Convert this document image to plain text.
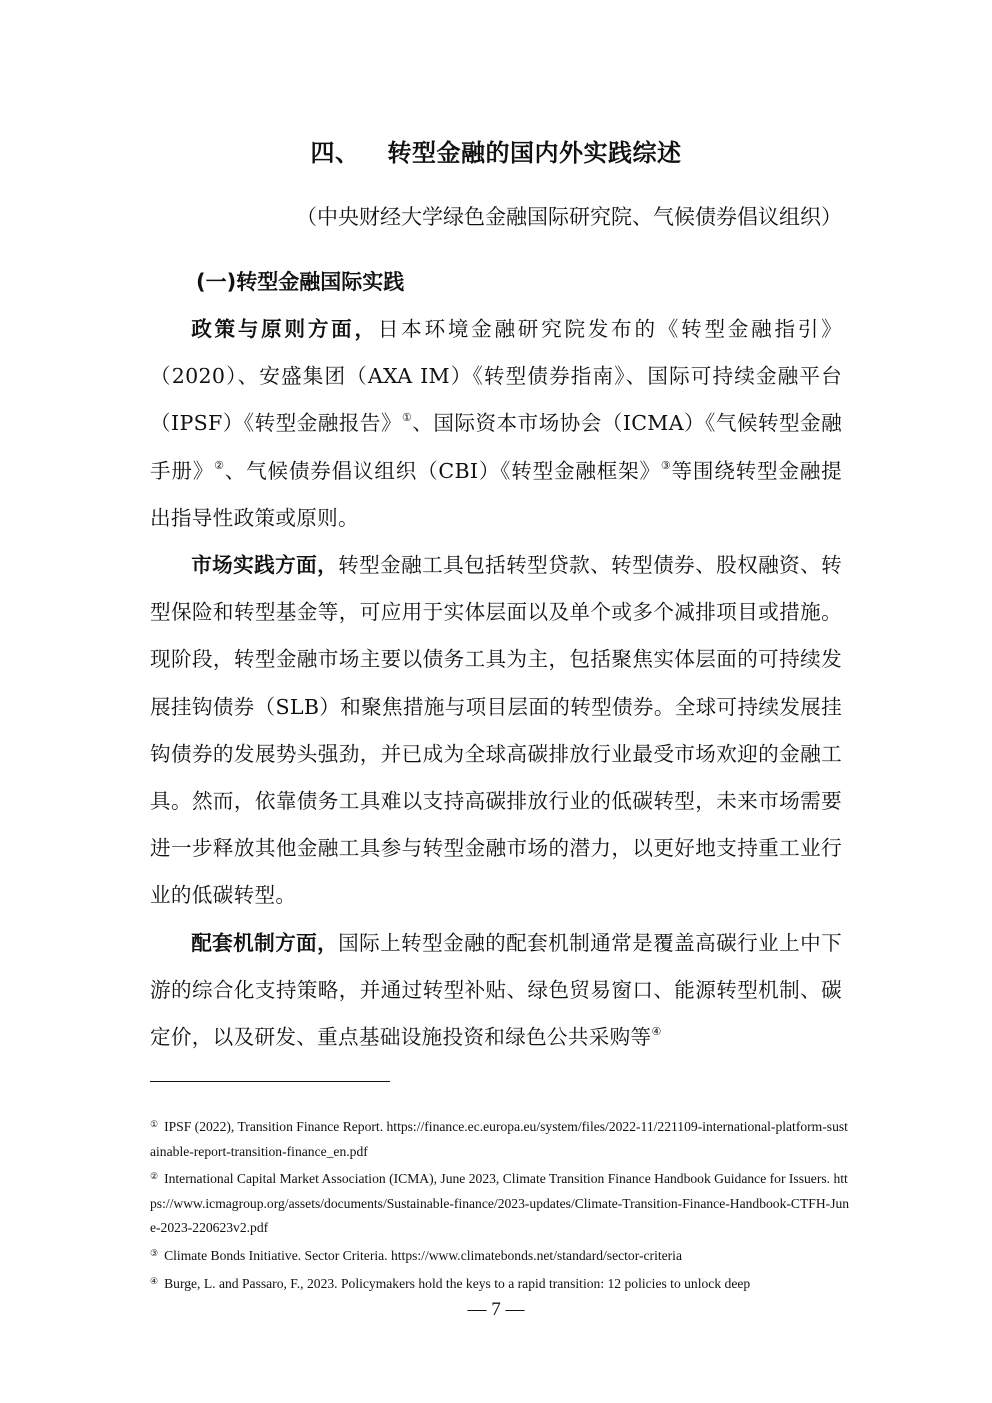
四、 转型金融的国内外实践综述
（中央财经大学绿色金融国际研究院、气候债券倡议组织）
(一)转型金融国际实践

政策与原则方面，日本环境金融研究院发布的《转型金融指引》（2020）、安盛集团（AXA IM）《转型债券指南》、国际可持续金融平台（IPSF）《转型金融报告》①、国际资本市场协会（ICMA）《气候转型金融手册》②、气候债券倡议组织（CBI）《转型金融框架》③等围绕转型金融提出指导性政策或原则。

市场实践方面，转型金融工具包括转型贷款、转型债券、股权融资、转型保险和转型基金等，可应用于实体层面以及单个或多个减排项目或措施。现阶段，转型金融市场主要以债务工具为主，包括聚焦实体层面的可持续发展挂钩债券（SLB）和聚焦措施与项目层面的转型债券。全球可持续发展挂钩债券的发展势头强劲，并已成为全球高碳排放行业最受市场欢迎的金融工具。然而，依靠债务工具难以支持高碳排放行业的低碳转型，未来市场需要进一步释放其他金融工具参与转型金融市场的潜力，以更好地支持重工业行业的低碳转型。

配套机制方面，国际上转型金融的配套机制通常是覆盖高碳行业上中下游的综合化支持策略，并通过转型补贴、绿色贸易窗口、能源转型机制、碳定价，以及研发、重点基础设施投资和绿色公共采购等④

① IPSF (2022), Transition Finance Report. https://finance.ec.europa.eu/system/files/2022-11/221109-international-platform-sustainable-report-transition-finance_en.pdf

② International Capital Market Association (ICMA), June 2023, Climate Transition Finance Handbook Guidance for Issuers. https://www.icmagroup.org/assets/documents/Sustainable-finance/2023-updates/Climate-Transition-Finance-Handbook-CTFH-June-2023-220623v2.pdf

③ Climate Bonds Initiative. Sector Criteria. https://www.climatebonds.net/standard/sector-criteria

④ Burge, L. and Passaro, F., 2023. Policymakers hold the keys to a rapid transition: 12 policies to unlock deep

— 7 —
